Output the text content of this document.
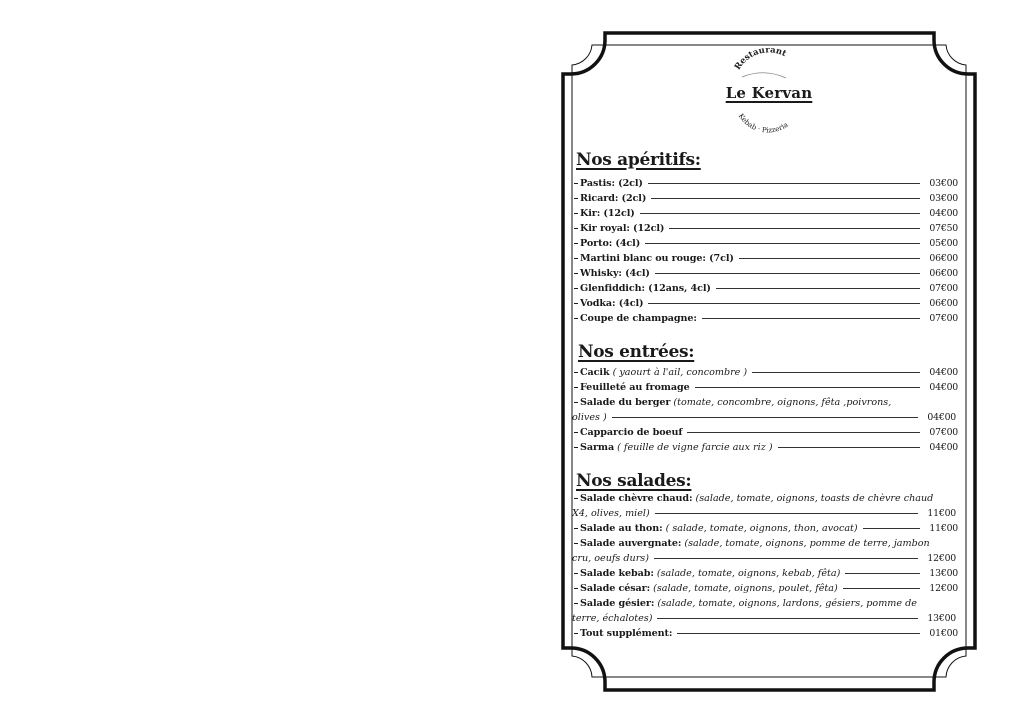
Restaurant
Kebab · Pizzeria
Le Kervan
Nos apéritifs:
Pastis: (2cl)	03€00
Ricard: (2cl)	03€00
Kir: (12cl)	04€00
Kir royal: (12cl)	07€50
Porto: (4cl)	05€00
Martini blanc ou rouge: (7cl)	06€00
Whisky: (4cl)	06€00
Glenfiddich: (12ans, 4cl)	07€00
Vodka: (4cl)	06€00
Coupe de champagne:	07€00
Nos entrées:
Cacik
( yaourt à l'ail, concombre )	04€00
Feuilleté au fromage	04€00
Salade du berger
(tomate, concombre, oignons, fêta ,poivrons,
olives )	04€00
Capparcio de boeuf	07€00
Sarma
( feuille de vigne farcie aux riz )	04€00
Nos salades:
Salade chèvre chaud:
(salade, tomate, oignons, toasts de chèvre chaud
X4, olives, miel)	11€00
Salade au thon:
( salade, tomate, oignons, thon, avocat)	11€00
Salade auvergnate:
(salade, tomate, oignons, pomme de terre, jambon
cru, oeufs durs)	12€00
Salade kebab:
(salade, tomate, oignons, kebab, fêta)	13€00
Salade césar:
(salade, tomate, oignons, poulet, fêta)	12€00
Salade gésier:
(salade, tomate, oignons, lardons, gésiers, pomme de
terre, échalotes)	13€00
Tout supplément:	01€00
